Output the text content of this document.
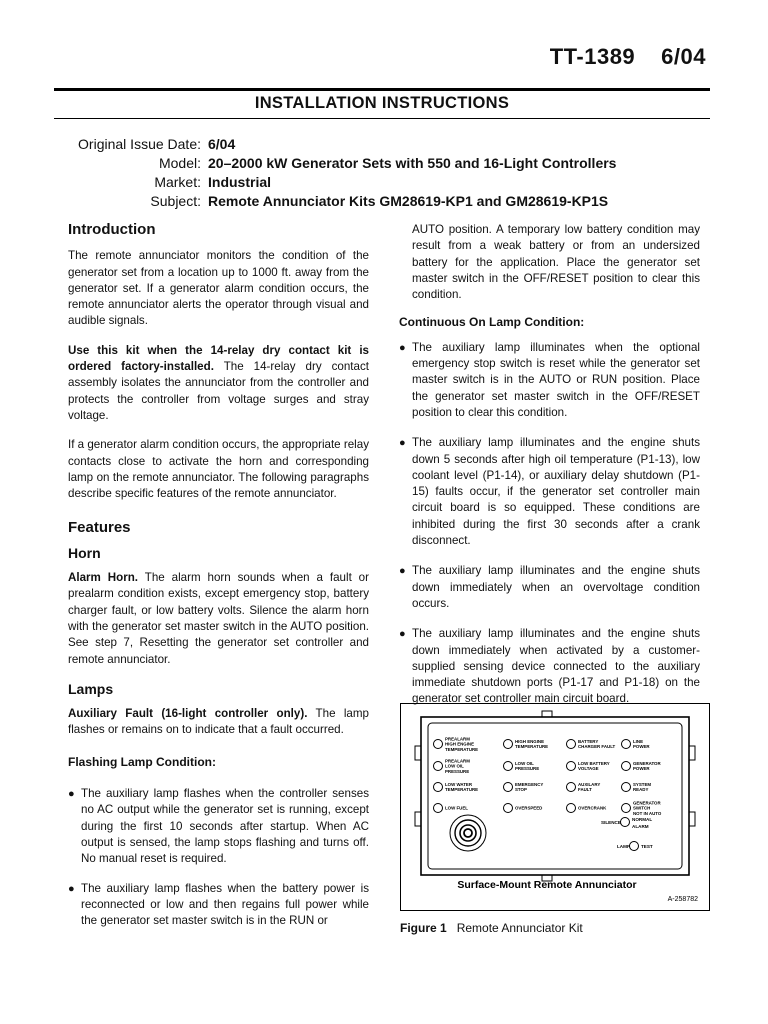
TT-1389 6/04
INSTALLATION INSTRUCTIONS
Original Issue Date: 6/04
Model: 20–2000 kW Generator Sets with 550 and 16-Light Controllers
Market: Industrial
Subject: Remote Annunciator Kits GM28619-KP1 and GM28619-KP1S
Introduction

The remote annunciator monitors the condition of the generator set from a location up to 1000 ft. away from the generator set. If a generator alarm condition occurs, the remote annunciator alerts the operator through visual and audible signals.

Use this kit when the 14-relay dry contact kit is ordered factory-installed. The 14-relay dry contact assembly isolates the annunciator from the controller and protects the controller from voltage surges and stray voltage.

If a generator alarm condition occurs, the appropriate relay contacts close to activate the horn and corresponding lamp on the remote annunciator. The following paragraphs describe specific features of the remote annunciator.

Features
Horn

Alarm Horn. The alarm horn sounds when a fault or prealarm condition exists, except emergency stop, battery charger fault, or low battery volts. Silence the alarm horn with the generator set master switch in the AUTO position. See step 7, Resetting the generator set controller and remote annunciator.

Lamps

Auxiliary Fault (16-light controller only). The lamp flashes or remains on to indicate that a fault occurred.

Flashing Lamp Condition:
● The auxiliary lamp flashes when the controller senses no AC output while the generator set is running, except during the first 10 seconds after startup. When AC output is sensed, the lamp stops flashing and turns off. No manual reset is required.

● The auxiliary lamp flashes when the battery power is reconnected or low and then regains full power while the generator set master switch is in the RUN or

AUTO position. A temporary low battery condition may result from a weak battery or from an undersized battery for the application. Place the generator set master switch in the OFF/RESET position to clear this condition.

Continuous On Lamp Condition:
● The auxiliary lamp illuminates when the optional emergency stop switch is reset while the generator set master switch is in the AUTO or RUN position. Place the generator set master switch in the OFF/RESET position to clear this condition.

● The auxiliary lamp illuminates and the engine shuts down 5 seconds after high oil temperature (P1-13), low coolant level (P1-14), or auxiliary delay shutdown (P1-15) faults occur, if the generator set controller main circuit board is so equipped. These conditions are inhibited during the first 30 seconds after a crank disconnect.

● The auxiliary lamp illuminates and the engine shuts down immediately when an overvoltage condition occurs.

● The auxiliary lamp illuminates and the engine shuts down immediately when activated by a customer-supplied sensing device connected to the auxiliary immediate shutdown ports (P1-17 and P1-18) on the generator set controller main circuit board.

PREALARM
HIGH ENGINE
TEMPERATURE
HIGH ENGINE
TEMPERATURE
BATTERY
CHARGER FAULT
LINE
POWER
PREALARM
LOW OIL
PRESSURE
LOW OIL
PRESSURE
LOW BATTERY
VOLTAGE
GENERATOR
POWER
LOW WATER
TEMPERATURE
EMERGENCY
STOP
AUXILARY
FAULT
SYSTEM
READY
LOW FUEL	OVERSPEED	OVERCRANK
GENERATOR
SWITCH
NOT IN AUTO
SILENCE
NORMAL
ALARM
LAMP TEST
Surface-Mount Remote Annunciator
A-258782
Figure 1 Remote Annunciator Kit
